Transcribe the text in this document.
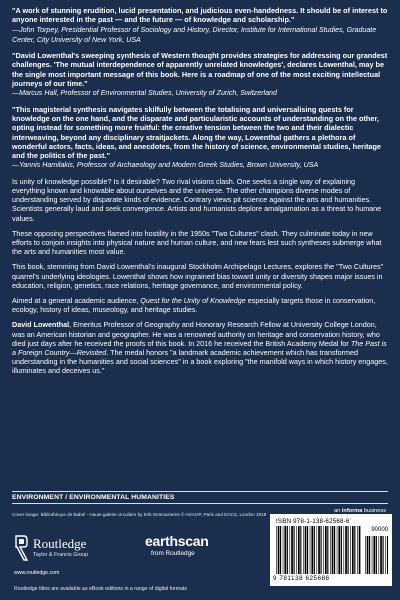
"A work of stunning erudition, lucid presentation, and judicious even-handedness. It should be of interest to anyone interested in the past — and the future — of knowledge and scholarship."
—John Torpey, Presidential Professor of Sociology and History, Director, Institute for International Studies, Graduate Center, City University of New York, USA

"David Lowenthal's sweeping synthesis of Western thought provides strategies for addressing our grandest challenges. 'The mutual interdependence of apparently unrelated knowledges', declares Lowenthal, may be the single most important message of this book. Here is a roadmap of one of the most exciting intellectual journeys of our time."
—Marcus Hall, Professor of Environmental Studies, University of Zurich, Switzerland

"This magisterial synthesis navigates skilfully between the totalising and universalising quests for knowledge on the one hand, and the disparate and particularistic accounts of understanding on the other, opting instead for something more fruitful: the creative tension between the two and their dialectic interweaving, beyond any disciplinary straitjackets. Along the way, Lowenthal gathers a plethora of wonderful actors, facts, ideas, and anecdotes, from the history of science, environmental studies, heritage and the politics of the past."
—Yannis Hamilakis, Professor of Archaeology and Modern Greek Studies, Brown University, USA

Is unity of knowledge possible? Is it desirable? Two rival visions clash. One seeks a single way of explaining everything known and knowable about ourselves and the universe. The other champions diverse modes of understanding served by disparate kinds of evidence. Contrary views pit science against the arts and humanities. Scientists generally laud and seek convergence. Artists and humanists deplore amalgamation as a threat to humane values.

These opposing perspectives flamed into hostility in the 1950s "Two Cultures" clash. They culminate today in new efforts to conjoin insights into physical nature and human culture, and new fears lest such syntheses submerge what the arts and humanities most value.

This book, stemming from David Lowenthal's inaugural Stockholm Archipelago Lectures, explores the "Two Cultures" quarrel's underlying ideologies. Lowenthal shows how ingrained bias toward unity or diversity shapes major issues in education, religion, genetics, race relations, heritage governance, and environmental policy.

Aimed at a general academic audience, Quest for the Unity of Knowledge especially targets those in conservation, ecology, history of ideas, museology, and heritage studies.

David Lowenthal, Emeritus Professor of Geography and Honorary Research Fellow at University College London, was an American historian and geographer. He was a renowned authority on heritage and conservation history, who died just days after he received the proofs of this book. In 2016 he received the British Academy Medal for The Past is a Foreign Country—Revisited. The medal honors "a landmark academic achievement which has transformed understanding in the humanities and social sciences" in a book exploring "the manifold ways in which history engages, illuminates and deceives us."

ENVIRONMENT / ENVIRONMENTAL HUMANITIES
Cover image: Bibliothèque de Babel - Haute galerie circulaire by Erik Desmazieres © ADAGP, Paris and DACS, London 2018
an informa business
Routledge
Taylor & Francis Group
www.routledge.com
Routledge titles are available as eBook editions in a range of digital formats
earthscan
from Routledge
ISBN 978-1-138-62568-6
90000
9 781138 625686
